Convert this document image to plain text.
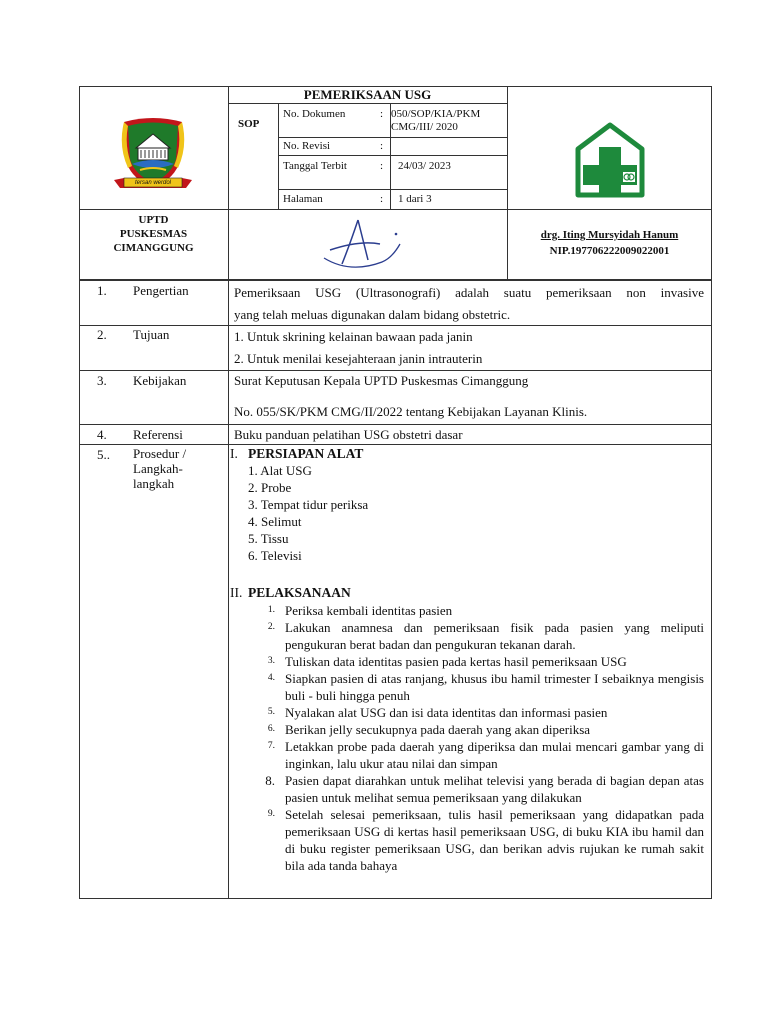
PEMERIKSAAN USG
SOP
No. Dokumen	: 050/SOP/KIA/PKM CMG/III/ 2020
No. Revisi	:
Tanggal Terbit	: 24/03/ 2023
Halaman	: 1 dari 3
tersan werdol
UPTD
PUSKESMAS
CIMANGGUNG
drg. Iting Mursyidah Hanum
NIP.197706222009022001
1. Pengertian	Pemeriksaan USG (Ultrasonografi) adalah suatu pemeriksaan non invasive
yang telah meluas digunakan dalam bidang obstetric.
2. Tujuan	1. Untuk skrining kelainan bawaan pada janin
2. Untuk menilai kesejahteraan janin intrauterin
3. Kebijakan	Surat Keputusan Kepala UPTD Puskesmas Cimanggung
No. 055/SK/PKM CMG/II/2022 tentang Kebijakan Layanan Klinis.
4. Referensi	Buku panduan pelatihan USG obstetri dasar
5.. Prosedur /
Langkah-
langkah
I. PERSIAPAN ALAT
1. Alat USG
2. Probe
3. Tempat tidur periksa
4. Selimut
5. Tissu
6. Televisi
II. PELAKSANAAN
1. Periksa kembali identitas pasien
2. Lakukan anamnesa dan pemeriksaan fisik pada pasien yang meliputi pengukuran berat badan dan pengukuran tekanan darah.
3. Tuliskan data identitas pasien pada kertas hasil pemeriksaan USG
4. Siapkan pasien di atas ranjang, khusus ibu hamil trimester I sebaiknya mengisis buli - buli hingga penuh
5. Nyalakan alat USG dan isi data identitas dan informasi pasien
6. Berikan jelly secukupnya pada daerah yang akan diperiksa
7. Letakkan probe pada daerah yang diperiksa dan mulai mencari gambar yang di inginkan, lalu ukur atau nilai dan simpan
8. Pasien dapat diarahkan untuk melihat televisi yang berada di bagian depan atas pasien untuk melihat semua pemeriksaan yang dilakukan
9. Setelah selesai pemeriksaan, tulis hasil pemeriksaan yang didapatkan pada pemeriksaan USG di kertas hasil pemeriksaan USG, di buku KIA ibu hamil dan di buku register pemeriksaan USG, dan berikan advis rujukan ke rumah sakit bila ada tanda bahaya
